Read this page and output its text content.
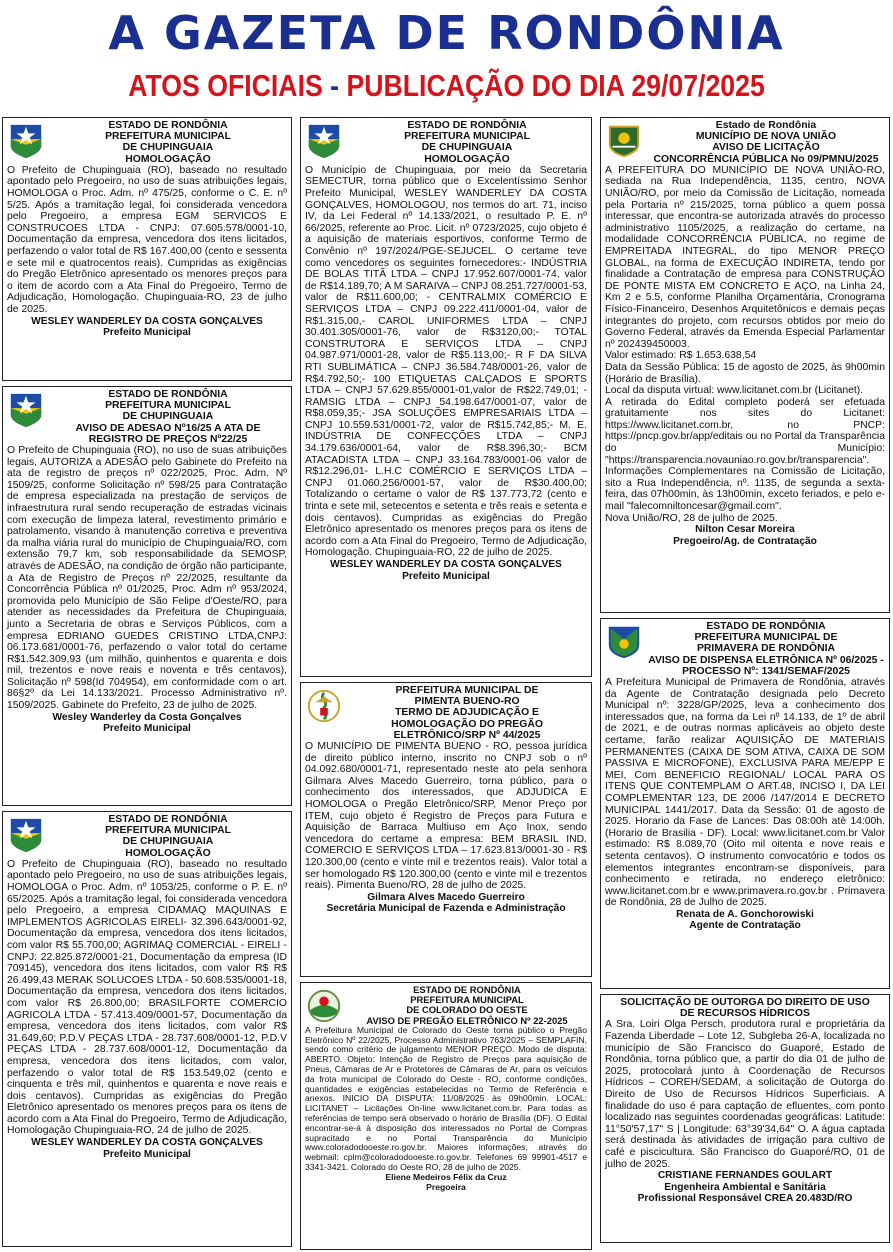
A GAZETA DE RONDÔNIA
ATOS OFICIAIS - PUBLICAÇÃO DO DIA 29/07/2025
ESTADO DE RONDÔNIA
PREFEITURA MUNICIPAL
DE CHUPINGUAIA
HOMOLOGAÇÃO
O Prefeito de Chupinguaia (RO), baseado no resultado apontado pelo Pregoeiro, no uso de suas atribuições legais, HOMOLOGA o Proc. Adm. nº 475/25, conforme o C. E. nº 5/25. Após a tramitação legal, foi considerada vencedora pelo Pregoeiro, a empresa EGM SERVICOS E CONSTRUCOES LTDA - CNPJ: 07.605.578/0001-10, Documentação da empresa, vencedora dos itens licitados, perfazendo o valor total de R$ 167.400,00 (cento e sessenta e sete mil e quatrocentos reais). Cumpridas as exigências do Pregão Eletrônico apresentado os menores preços para o item de acordo com a Ata Final do Pregoeiro, Termo de Adjudicação, Homologação. Chupinguaia-RO, 23 de julho de 2025.
WESLEY WANDERLEY DA COSTA GONÇALVES
Prefeito Municipal
ESTADO DE RONDÔNIA
PREFEITURA MUNICIPAL
DE CHUPINGUAIA
AVISO DE ADESAO Nº16/25 A ATA DE
REGISTRO DE PREÇOS Nº22/25
O Prefeito de Chupinguaia (RO), no uso de suas atribuições legais, AUTORIZA a ADESÃO pelo Gabinete do Prefeito na ata de registro de preços nº 022/2025, Proc. Adm. Nº 1509/25, conforme Solicitação nº 598/25 para Contratação de empresa especializada na prestação de serviços de infraestrutura rural sendo recuperação de estradas vicinais com execução de limpeza lateral, revestimento primário e patrolamento, visando à manutenção corretiva e preventiva da malha viária rural do município de Chupinguaia/RO, com extensão 79,7 km, sob responsabilidade da SEMOSP, através de ADESÃO, na condição de órgão não participante, a Ata de Registro de Preços nº 22/2025, resultante da Concorrência Pública nº 01/2025, Proc. Adm nº 953/2024, promovida pelo Município de São Felipe d'Oeste/RO, para atender as necessidades da Prefeitura de Chupinguaia, junto a Secretaria de obras e Serviços Públicos, com a empresa EDRIANO GUEDES CRISTINO LTDA,CNPJ: 06.173.681/0001-76, perfazendo o valor total do certame R$1.542.309,93 (um milhão, quinhentos e quarenta e dois mil, trezentos e nove reais e noventa e três centavos), Solicitação nº 598(Id 704954), em conformidade com o art. 86§2º da Lei 14.133/2021. Processo Administrativo nº. 1509/2025. Gabinete do Prefeito, 23 de julho de 2025.
Wesley Wanderley da Costa Gonçalves
Prefeito Municipal
ESTADO DE RONDÔNIA
PREFEITURA MUNICIPAL
DE CHUPINGUAIA
HOMOLOGAÇÃO
O Prefeito de Chupinguaia (RO), baseado no resultado apontado pelo Pregoeiro, no uso de suas atribuições legais, HOMOLOGA o Proc. Adm. nº 1053/25, conforme o P. E. nº 65/2025. Após a tramitação legal, foi considerada vencedora pelo Pregoeiro, a empresa CIDAMAQ MAQUINAS E IMPLEMENTOS AGRICOLAS EIRELI- 32.396.643/0001-92, Documentação da empresa, vencedora dos itens licitados, com valor R$ 55.700,00; AGRIMAQ COMERCIAL - EIRELI - CNPJ: 22.825.872/0001-21, Documentação da empresa (ID 709145), vencedora dos itens licitados, com valor R$ R$ 26.499,43 MERAK SOLUCOES LTDA - 50.608.535/0001-18, Documentação da empresa, vencedora dos itens licitados, com valor R$ 26.800,00; BRASILFORTE COMERCIO AGRICOLA LTDA - 57.413.409/0001-57, Documentação da empresa, vencedora dos itens licitados, com valor R$ 31.649,60; P.D.V PEÇAS LTDA - 28.737.608/0001-12, P.D.V PEÇAS LTDA - 28.737.608/0001-12, Documentação da empresa, vencedora dos itens licitados, com valor, perfazendo o valor total de R$ 153.549,02 (cento e cinquenta e três mil, quinhentos e quarenta e nove reais e dois centavos). Cumpridas as exigências do Pregão Eletrônico apresentado os menores preços para os itens de acordo com a Ata Final do Pregoeiro, Termo de Adjudicação, Homologação Chupinguaia-RO, 24 de julho de 2025.
WESLEY WANDERLEY DA COSTA GONÇALVES
Prefeito Municipal
ESTADO DE RONDÔNIA
PREFEITURA MUNICIPAL
DE CHUPINGUAIA
HOMOLOGAÇÃO
O Município de Chupinguaia, por meio da Secretaria SEMECTUR, torna público que o Excelentíssimo Senhor Prefeito Municipal, WESLEY WANDERLEY DA COSTA GONÇALVES, HOMOLOGOU, nos termos do art. 71, inciso IV, da Lei Federal nº 14.133/2021, o resultado P. E. nº 66/2025, referente ao Proc. Licit. nº 0723/2025, cujo objeto é a aquisição de materiais esportivos, conforme Termo de Convênio nº 197/2024/PGE-SEJUCEL. O certame teve como vencedores os seguintes fornecedores:- INDÚSTRIA DE BOLAS TITÃ LTDA – CNPJ 17.952.607/0001-74, valor de R$14.189,70; A M SARAIVA – CNPJ 08.251.727/0001-53, valor de R$11.600,00; - CENTRALMIX COMÉRCIO E SERVIÇOS LTDA – CNPJ 09.222.411/0001-04, valor de R$1.315,00,- CAROL UNIFORMES LTDA – CNPJ 30.401.305/0001-76, valor de R$3120,00;- TOTAL CONSTRUTORA E SERVIÇOS LTDA – CNPJ 04.987.971/0001-28, valor de R$5.113,00;- R F DA SILVA RTI SUBLIMÁTICA – CNPJ 36.584.748/0001-26, valor de R$4.792,50;- 100 ETIQUETAS CALÇADOS E SPORTS LTDA – CNPJ 57.629.855/0001-01,valor de R$22.749,01; - RAMSIG LTDA – CNPJ 54.198.647/0001-07, valor de R$8.059,35;- JSA SOLUÇÕES EMPRESARIAIS LTDA – CNPJ 10.559.531/0001-72, valor de R$15.742,85;- M. E. INDÚSTRIA DE CONFECÇÕES LTDA – CNPJ 34.179.636/0001-64, valor de R$8.396,30;- BCM ATACADISTA LTDA – CNPJ 33.164.783/0001-06 valor de R$12.296,01- L.H.C COMÉRCIO E SERVIÇOS LTDA – CNPJ 01.060.256/0001-57, valor de R$30.400,00; Totalizando o certame o valor de R$ 137.773,72 (cento e trinta e sete mil, setecentos e setenta e três reais e setenta e dois centavos). Cumpridas as exigências do Pregão Eletrônico apresentado os menores preços para os itens de acordo com a Ata Final do Pregoeiro, Termo de Adjudicação, Homologação. Chupinguaia-RO, 22 de julho de 2025.
WESLEY WANDERLEY DA COSTA GONÇALVES
Prefeito Municipal
PREFEITURA MUNICIPAL DE
PIMENTA BUENO-RO
TERMO DE ADJUDICAÇÃO E
HOMOLOGAÇÃO DO PREGÃO
ELETRÔNICO/SRP Nº 44/2025
O MUNICÍPIO DE PIMENTA BUENO - RO, pessoa jurídica de direito público interno, inscrito no CNPJ sob o nº 04.092.680/0001-71, representado neste ato pela senhora Gilmara Alves Macedo Guerreiro, torna público, para o conhecimento dos interessados, que ADJUDICA E HOMOLOGA o Pregão Eletrônico/SRP, Menor Preço por ITEM, cujo objeto é Registro de Preços para Futura e Aquisição de Barraca Multiuso em Aço Inox, sendo vencedora do certame a empresa: BEM BRASIL IND. COMERCIO E SERVIÇOS LTDA – 17.623.813/0001-30 - R$ 120.300,00 (cento e vinte mil e trezentos reais). Valor total a ser homologado R$ 120.300,00 (cento e vinte mil e trezentos reais). Pimenta Bueno/RO, 28 de julho de 2025.
Gilmara Alves Macedo Guerreiro
Secretária Municipal de Fazenda e Administração
ESTADO DE RONDÔNIA
PREFEITURA MUNICIPAL
DE COLORADO DO OESTE
AVISO DE PREGÃO ELETRÔNICO Nº 22-2025
A Prefeitura Municipal de Colorado do Oeste torna público o Pregão Eletrônico Nº 22/2025, Processo Administrativo 763/2025 – SEMPLAFIN, sendo como critério de julgamento MENOR PREÇO. Modo de disputa: ABERTO. Objeto: Intenção de Registro de Preços para aquisição de Pneus, Câmaras de Ar e Protetores de Câmaras de Ar, para os veículos da frota municipal de Colorado do Oeste - RO, conforme condições, quantidades e exigências estabelecidas no Termo de Referência e anexos. INICIO DA DISPUTA: 11/08/2025 às 09h00min. LOCAL: LICITANET – Licitações On-line www.licitanet.com.br. Para todas as referências de tempo será observado o horário de Brasília (DF). O Edital encontrar-se-á à disposição dos interessados no Portal de Compras supracitado e no Portal Transparência do Município www.coloradodooeste.ro.gov.br. Maiores informações, através do webmail: cplm@coloradodooeste.ro.gov.br. Telefones 69 99901-4517 e 3341-3421. Colorado do Oeste RO, 28 de julho de 2025.
Eliene Medeiros Félix da Cruz
Pregoeira
Estado de Rondônia
MUNICÍPIO DE NOVA UNIÃO
AVISO DE LICITAÇÃO
CONCORRÊNCIA PÚBLICA No 09/PMNU/2025

A PREFEITURA DO MUNICÍPIO DE NOVA UNIÃO-RO, sediada na Rua Independência, 1135, centro, NOVA UNIÃO/RO, por meio da Comissão de Licitação, nomeada pela Portaria nº 215/2025, torna público a quem possa interessar, que encontra-se autorizada através do processo administrativo 1105/2025, a realização do certame, na modalidade CONCORRÊNCIA PÚBLICA, no regime de EMPREITADA INTEGRAL, do tipo MENOR PREÇO GLOBAL, na forma de EXECUÇÃO INDIRETA, tendo por finalidade a Contratação de empresa para CONSTRUÇÃO DE PONTE MISTA EM CONCRETO E AÇO, na Linha 24, Km 2 e 5.5, conforme Planilha Orçamentária, Cronograma Físico-Financeiro, Desenhos Arquitetônicos e demais peças integrantes do projeto, com recursos obtidos por meio do Governo Federal, através da Emenda Especial Parlamentar nº 202439450003.

Valor estimado: R$ 1.653.638,54

Data da Sessão Pública: 15 de agosto de 2025, às 9h00min (Horário de Brasília).

Local da disputa virtual: www.licitanet.com.br (Licitanet).

A retirada do Edital completo poderá ser efetuada gratuitamente nos sites do Licitanet: https://www.licitanet.com.br, no PNCP: https://pncp.gov.br/app/editais ou no Portal da Transparência do Município: "https://transparencia.novauniao.ro.gov.br/transparencia".

Informações Complementares na Comissão de Licitação, sito a Rua Independência, nº. 1135, de segunda a sexta-feira, das 07h00min, às 13h00min, exceto feriados, e pelo e-mail "falecomniltoncesar@gmail.com".

Nova União/RO, 28 de julho de 2025.

Nilton Cesar Moreira
Pregoeiro/Ag. de Contratação
ESTADO DE RONDÔNIA
PREFEITURA MUNICIPAL DE
PRIMAVERA DE RONDÔNIA
AVISO DE DISPENSA ELETRÔNICA Nº 06/2025 -
PROCESSO Nº: 1341/SEMAF/2025
A Prefeitura Municipal de Primavera de Rondônia, através da Agente de Contratação designada pelo Decreto Municipal nº: 3228/GP/2025, leva a conhecimento dos interessados que, na forma da Lei nº 14.133, de 1º de abril de 2021, e de outras normas aplicáveis ao objeto deste certame, farão realizar AQUISIÇÃO DE MATERIAIS PERMANENTES (CAIXA DE SOM ATIVA, CAIXA DE SOM PASSIVA E MICROFONE), EXCLUSIVA PARA ME/EPP E MEI, Com BENEFICIO REGIONAL/ LOCAL PARA OS ITENS QUE CONTEMPLAM O ART.48, INCISO I, DA LEI COMPLEMENTAR 123, DE 2006 /147/2014 E DECRETO MUNICIPAL 1441/2017. Data da Sessão: 01 de agosto de 2025. Horario da Fase de Lances: Das 08:00h atè 14:00h. (Horario de Brasilia - DF). Local: www.licitanet.com.br Valor estimado: R$ 8.089,70 (Oito mil oitenta e nove reais e setenta centavos). O instrumento convocatório e todos os elementos integrantes encontram-se disponíveis, para conhecimento e retirada, no endereço eletrônico: www.licitanet.com.br e www.primavera.ro.gov.br . Primavera de Rondônia, 28 de Julho de 2025.
Renata de A. Gonchorowiski
Agente de Contratação
SOLICITAÇÃO DE OUTORGA DO DIREITO DE USO
DE RECURSOS HÍDRICOS
A Sra. Loiri Olga Persch, produtora rural e proprietária da Fazenda Liberdade – Lote 12, Subgleba 26-A, localizada no município de São Francisco do Guaporé, Estado de Rondônia, torna público que, a partir do dia 01 de julho de 2025, protocolará junto à Coordenação de Recursos Hídricos – COREH/SEDAM, a solicitação de Outorga do Direito de Uso de Recursos Hídricos Superficiais. A finalidade do uso é para captação de efluentes, com ponto localizado nas seguintes coordenadas geográficas: Latitude: 11°50'57,17" S | Longitude: 63°39'34,64" O. A água captada será destinada às atividades de irrigação para cultivo de café e piscicultura. São Francisco do Guaporé/RO, 01 de julho de 2025.
CRISTIANE FERNANDES GOULART
Engenheira Ambiental e Sanitária
Profissional Responsável CREA 20.483D/RO
